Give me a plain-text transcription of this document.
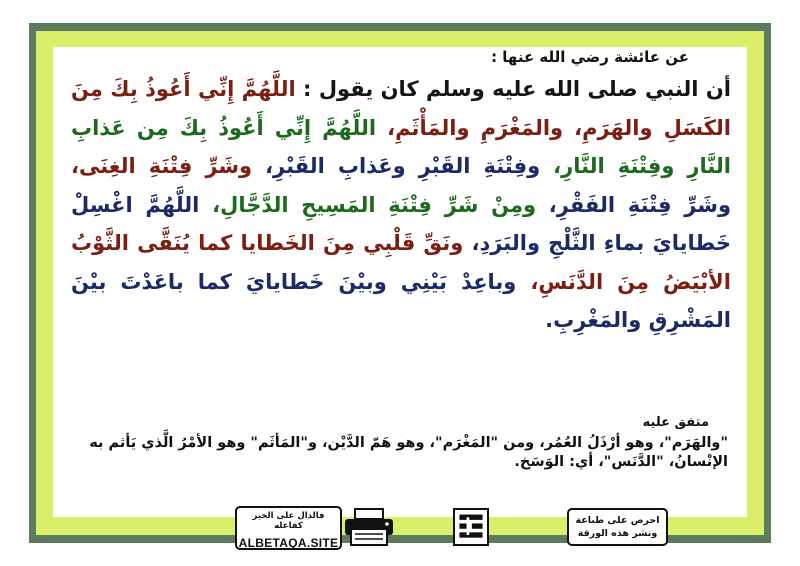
عن عائشة رضي الله عنها :
أن النبي صلى الله عليه وسلم كان يقول : اللَّهُمَّ إِنِّي أَعُوذُ بِكَ مِنَ الكَسَلِ والهَرَمِ، والمَغْرَمِ والمَأْثَمِ، اللَّهُمَّ إِنِّي أَعُوذُ بِكَ مِن عَذابِ النَّارِ وفِتْنَةِ النَّارِ، وفِتْنَةِ القَبْرِ وعَذابِ القَبْرِ، وشَرِّ فِتْنَةِ الغِنَى، وشَرِّ فِتْنَةِ الفَقْرِ، ومِنْ شَرِّ فِتْنَةِ المَسِيحِ الدَّجَّالِ، اللَّهُمَّ اغْسِلْ خَطايايَ بماءِ الثَّلْجِ والبَرَدِ، ونَقِّ قَلْبِي مِنَ الخَطايا كما يُنَقَّى الثَّوْبُ الأبْيَضُ مِنَ الدَّنَسِ، وباعِدْ بَيْنِي وبيْنَ خَطايايَ كما باعَدْتَ بيْنَ المَشْرِقِ والمَغْرِبِ.
متفق عليه
"والهَرَم"، وهو أرْذَلُ العُمُر، ومن "المَغْرَم"، وهو هَمّ الدَّيْن، و"المَأثَم" وهو الأمْرُ الَّذي يَأثم به الإنْسانُ، "الدَّنَس"، أي: الوَسَخ.
فالدال على الخير كفاعله
ALBETAQA.SITE
احرص على طباعة
ونشر هذه الورقة
